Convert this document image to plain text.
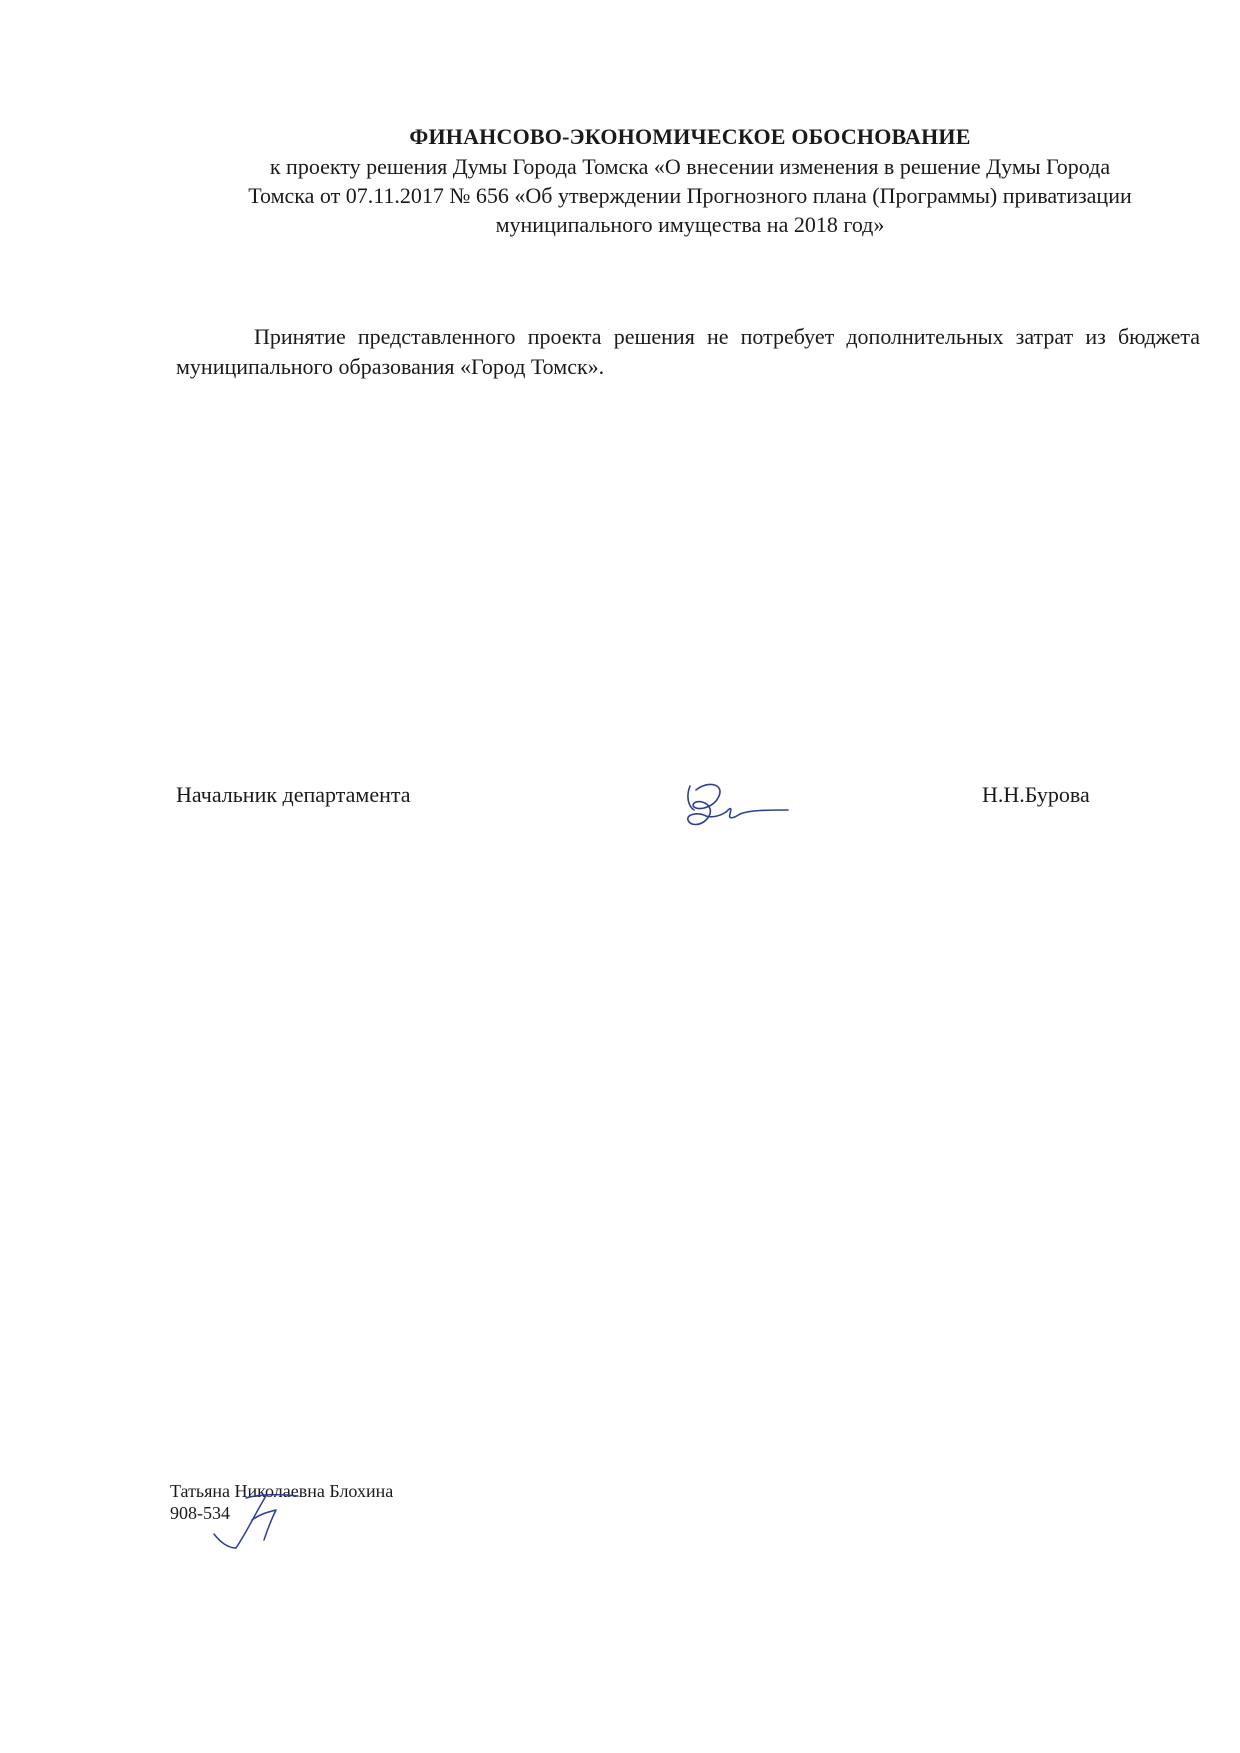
ФИНАНСОВО-ЭКОНОМИЧЕСКОЕ ОБОСНОВАНИЕ

к проекту решения Думы Города Томска «О внесении изменения в решение Думы Города

Томска от 07.11.2017 № 656 «Об утверждении Прогнозного плана (Программы) приватизации

муниципального имущества на 2018 год»

Принятие представленного проекта решения не потребует дополнительных затрат из бюджета муниципального образования «Город Томск».

Начальник департамента	Н.Н.Бурова

Татьяна Николаевна Блохина

908-534
